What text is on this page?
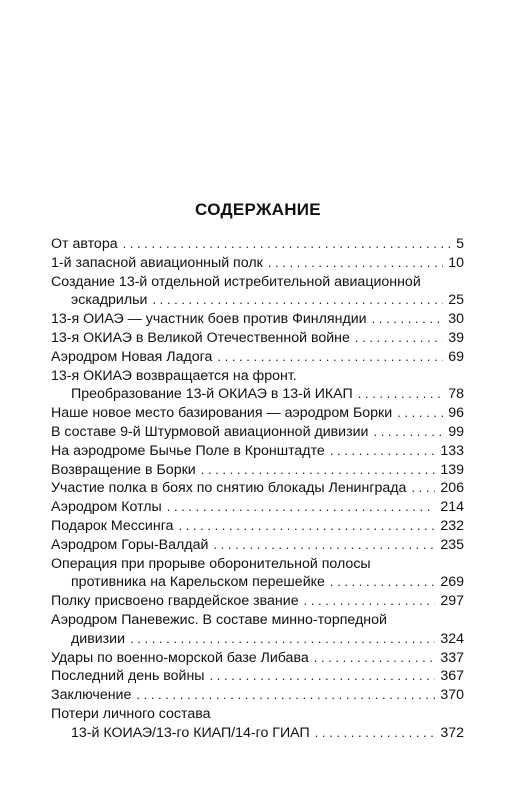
СОДЕРЖАНИЕ
От автора . . .	5
1-й запасной авиационный полк . . .	10
Создание 13-й отдельной истребительной авиационной
эскадрильи . . .	25
13-я ОИАЭ — участник боев против Финляндии . . .	30
13-я ОКИАЭ в Великой Отечественной войне . . .	39
Аэродром Новая Ладога . . .	69
13-я ОКИАЭ возвращается на фронт.
Преобразование 13-й ОКИАЭ в 13-й ИКАП . . .	78
Наше новое место базирования — аэродром Борки . . .	96
В составе 9-й Штурмовой авиационной дивизии . . .	99
На аэродроме Бычье Поле в Кронштадте . . .	133
Возвращение в Борки . . .	139
Участие полка в боях по снятию блокады Ленинграда . . . 206
Аэродром Котлы . . .	214
Подарок Мессинга . . .	232
Аэродром Горы-Валдай . . .	235
Операция при прорыве оборонительной полосы
противника на Карельском перешейке . . .	269
Полку присвоено гвардейское звание . . .	297
Аэродром Паневежис. В составе минно-торпедной
дивизии . . .	324
Удары по военно-морской базе Либава . . .	337
Последний день войны . . .	367
Заключение . . .	370
Потери личного состава
13-й КОИАЭ/13-го КИАП/14-го ГИАП . . .	372
